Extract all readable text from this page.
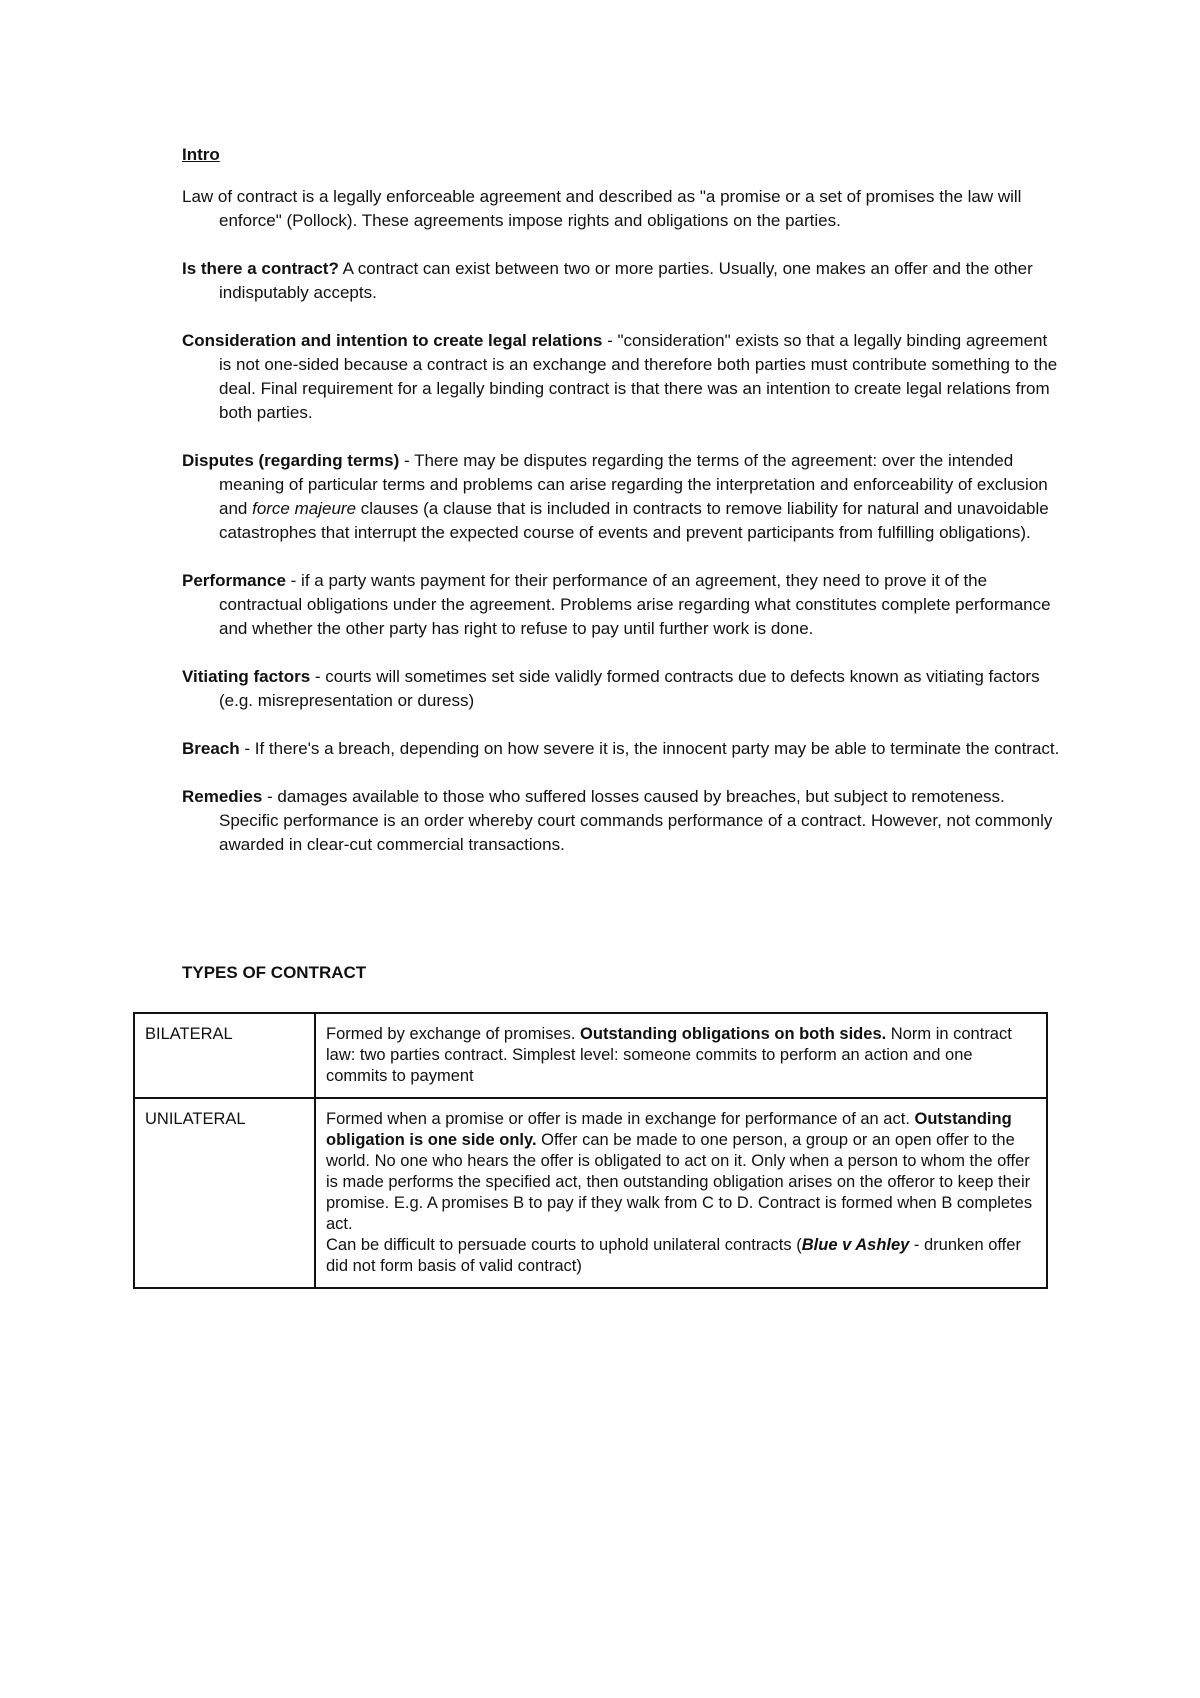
Intro

Law of contract is a legally enforceable agreement and described as "a promise or a set of promises the law will enforce" (Pollock). These agreements impose rights and obligations on the parties.

Is there a contract? A contract can exist between two or more parties. Usually, one makes an offer and the other indisputably accepts.

Consideration and intention to create legal relations - "consideration" exists so that a legally binding agreement is not one-sided because a contract is an exchange and therefore both parties must contribute something to the deal. Final requirement for a legally binding contract is that there was an intention to create legal relations from both parties.

Disputes (regarding terms) - There may be disputes regarding the terms of the agreement: over the intended meaning of particular terms and problems can arise regarding the interpretation and enforceability of exclusion and force majeure clauses (a clause that is included in contracts to remove liability for natural and unavoidable catastrophes that interrupt the expected course of events and prevent participants from fulfilling obligations).

Performance - if a party wants payment for their performance of an agreement, they need to prove it of the contractual obligations under the agreement. Problems arise regarding what constitutes complete performance and whether the other party has right to refuse to pay until further work is done.

Vitiating factors - courts will sometimes set side validly formed contracts due to defects known as vitiating factors (e.g. misrepresentation or duress)

Breach - If there's a breach, depending on how severe it is, the innocent party may be able to terminate the contract.

Remedies - damages available to those who suffered losses caused by breaches, but subject to remoteness. Specific performance is an order whereby court commands performance of a contract. However, not commonly awarded in clear-cut commercial transactions.

TYPES OF CONTRACT
BILATERAL	Formed by exchange of promises. Outstanding obligations on both sides. Norm in contract law: two parties contract. Simplest level: someone commits to perform an action and one commits to payment
UNILATERAL	Formed when a promise or offer is made in exchange for performance of an act. Outstanding obligation is one side only. Offer can be made to one person, a group or an open offer to the world. No one who hears the offer is obligated to act on it. Only when a person to whom the offer is made performs the specified act, then outstanding obligation arises on the offeror to keep their promise. E.g. A promises B to pay if they walk from C to D. Contract is formed when B completes act.
Can be difficult to persuade courts to uphold unilateral contracts (Blue v Ashley - drunken offer did not form basis of valid contract)
